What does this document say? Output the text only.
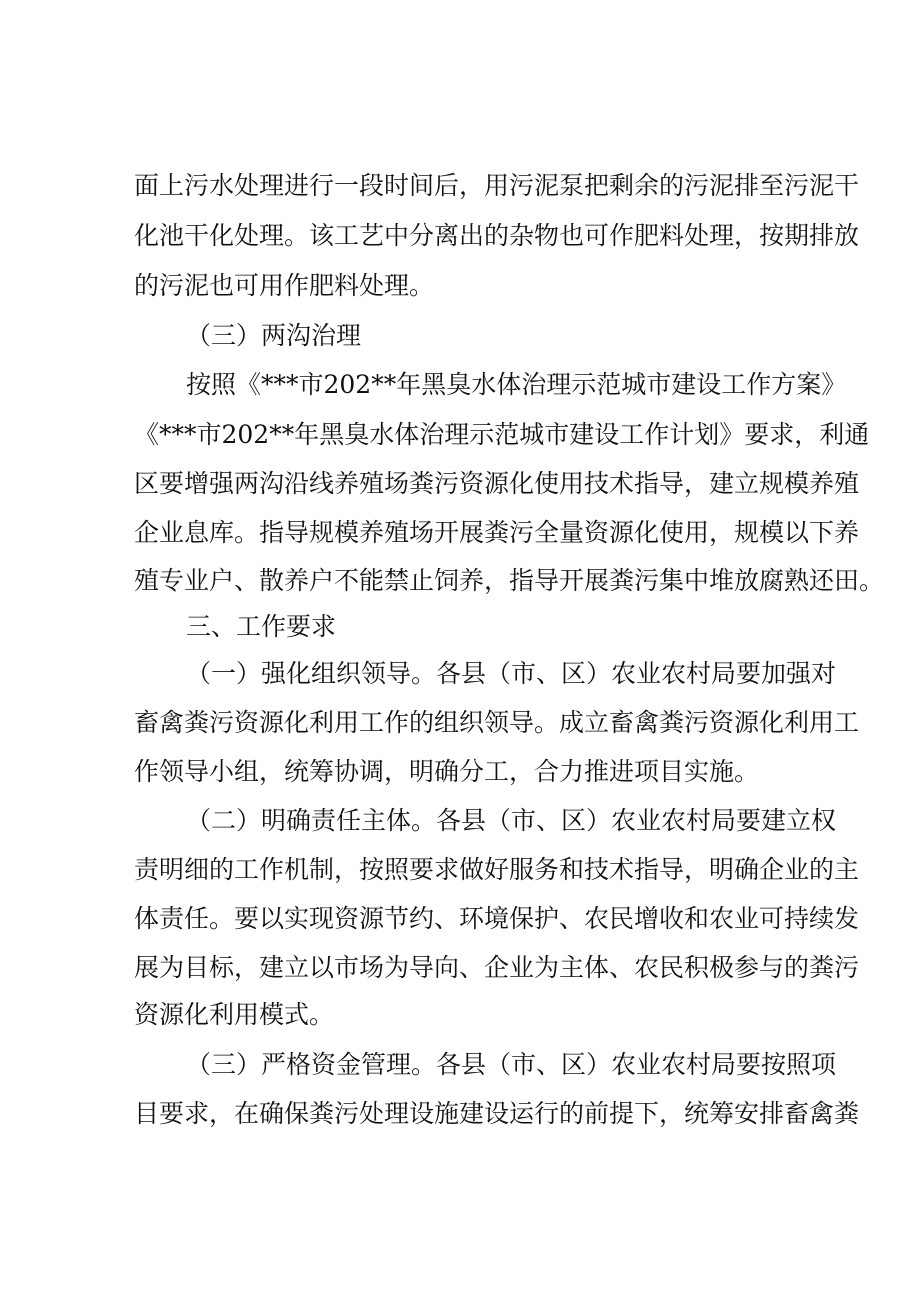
面上污水处理进行一段时间后，用污泥泵把剩余的污泥排至污泥干
化池干化处理。该工艺中分离出的杂物也可作肥料处理，按期排放
的污泥也可用作肥料处理。
（三）两沟治理
按照《***市202**年黑臭水体治理示范城市建设工作方案》
《***市202**年黑臭水体治理示范城市建设工作计划》要求，利通
区要增强两沟沿线养殖场粪污资源化使用技术指导，建立规模养殖
企业息库。指导规模养殖场开展粪污全量资源化使用，规模以下养
殖专业户、散养户不能禁止饲养，指导开展粪污集中堆放腐熟还田。
三、工作要求
（一）强化组织领导。各县（市、区）农业农村局要加强对
畜禽粪污资源化利用工作的组织领导。成立畜禽粪污资源化利用工
作领导小组，统筹协调，明确分工，合力推进项目实施。
（二）明确责任主体。各县（市、区）农业农村局要建立权
责明细的工作机制，按照要求做好服务和技术指导，明确企业的主
体责任。要以实现资源节约、环境保护、农民增收和农业可持续发
展为目标，建立以市场为导向、企业为主体、农民积极参与的粪污
资源化利用模式。
（三）严格资金管理。各县（市、区）农业农村局要按照项
目要求，在确保粪污处理设施建设运行的前提下，统筹安排畜禽粪
